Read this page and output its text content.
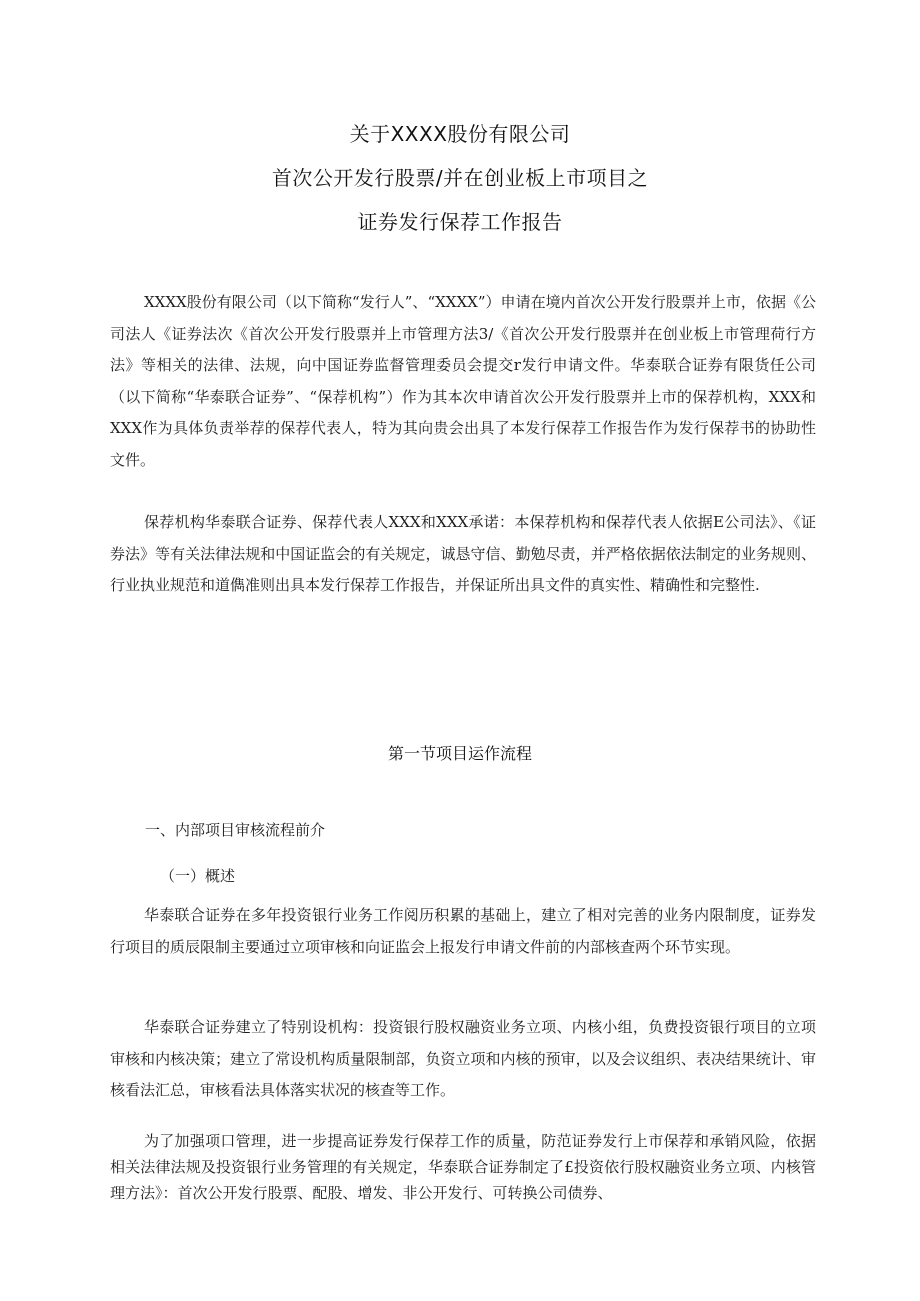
关于XXXX股份有限公司
首次公开发行股票/并在创业板上市项目之
证券发行保荐工作报告

XXXX股份有限公司（以下简称“发行人”、“XXXX”）申请在境内首次公开发行股票并上市，依据《公司法人《证券法次《首次公开发行股票并上市管理方法3/《首次公开发行股票并在创业板上市管理荷行方法》等相关的法律、法规，向中国证券监督管理委员会提交r发行申请文件。华泰联合证券有限货任公司（以下简称“华泰联合证券”、“保荐机构”）作为其本次申请首次公开发行股票并上市的保荐机构，XXX和XXX作为具体负责举荐的保荐代表人，特为其向贵会出具了本发行保荐工作报告作为发行保荐书的协助性文件。

保荐机构华泰联合证券、保荐代表人XXX和XXX承诺：本保荐机构和保荐代表人依据E公司法》、《证券法》等有关法律法规和中国证监会的有关规定，诚恳守信、勤勉尽责，并严格依据依法制定的业务规则、行业执业规范和道儁准则出具本发行保荐工作报告，并保证所出具文件的真实性、精确性和完整性.

第一节项目运作流程
一、内部项目审核流程前介
（一）概述

华泰联合证券在多年投资银行业务工作阅历积累的基础上，建立了相对完善的业务内限制度，证券发行项目的质辰限制主要通过立项审核和向证监会上报发行申请文件前的内部核查两个环节实现。

华泰联合证券建立了特别设机构：投资银行股权融资业务立项、内核小组，负费投资银行项目的立项审核和内核决策；建立了常设机构质量限制部，负资立项和内核的预审，以及会议组织、表决结果统计、审核看法汇总，审核看法具体落实状况的核查等工作。

为了加强项口管理，进一步提高证券发行保荐工作的质量，防范证券发行上市保荐和承销风险，依据相关法律法规及投资银行业务管理的有关规定，华泰联合证券制定了£投资依行股权融资业务立项、内核管理方法》：首次公开发行股票、配股、增发、非公开发行、可转换公司债券、
